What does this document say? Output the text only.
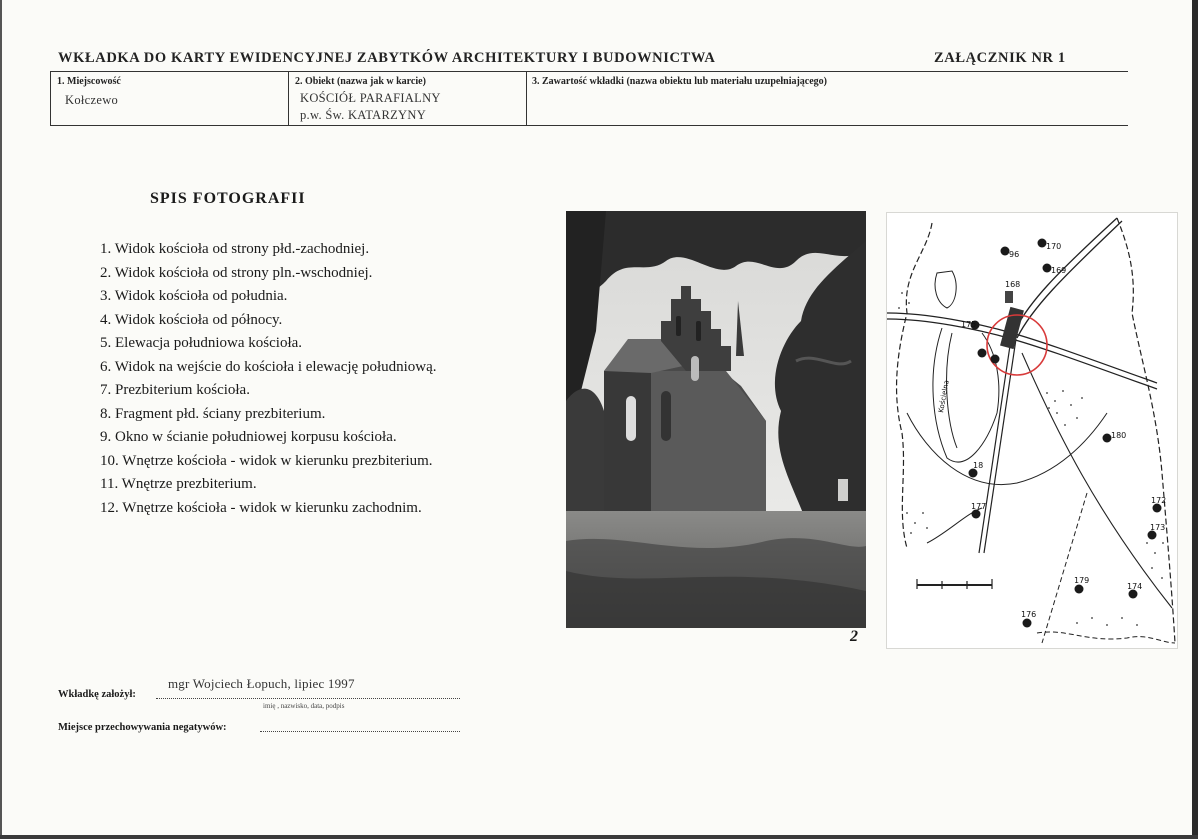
WKŁADKA DO KARTY EWIDENCYJNEJ ZABYTKÓW ARCHITEKTURY I BUDOWNICTWA	ZAŁĄCZNIK NR 1
1. Miejscowość
Kołczewo
2. Obiekt (nazwa jak w karcie)
KOŚCIÓŁ PARAFIALNY
p.w. Św. KATARZYNY
3. Zawartość wkładki (nazwa obiektu lub materiału uzupełniającego)
SPIS FOTOGRAFII
1. Widok kościoła od strony płd.-zachodniej.
2. Widok kościoła od strony pln.-wschodniej.
3. Widok kościoła od południa.
4. Widok kościoła od północy.
5. Elewacja południowa kościoła.
6. Widok na wejście do kościoła i elewację południową.
7. Prezbiterium kościoła.
8. Fragment płd. ściany prezbiterium.
9. Okno w ścianie południowej korpusu kościoła.
10. Wnętrze kościoła - widok w kierunku prezbiterium.
11. Wnętrze prezbiterium.
12. Wnętrze kościoła - widok w kierunku zachodnim.
2
170
96
169
168
175
180
18
177
172
173
179
176
174
Kościelna
mgr Wojciech Łopuch, lipiec 1997
Wkładkę założył:
imię , nazwisko, data, podpis
Miejsce przechowywania negatywów:
